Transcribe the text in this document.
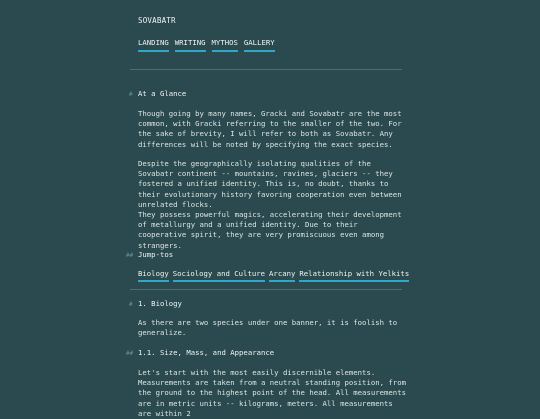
SOVABATR
LANDING WRITING MYTHOS GALLERY
# At a Glance

Though going by many names, Gracki and Sovabatr are the most common, with Gracki referring to the smaller of the two. For the sake of brevity, I will refer to both as Sovabatr. Any differences will be noted by specifying the exact species.

Despite the geographically isolating qualities of the Sovabatr continent -- mountains, ravines, glaciers -- they fostered a unified identity. This is, no doubt, thanks to their evolutionary history favoring cooperation even between unrelated flocks.

They possess powerful magics, accelerating their development of metallurgy and a unified identity. Due to their cooperative spirit, they are very promiscuous even among strangers.

## Jump-tos
Biology Sociology and Culture Arcany Relationship with Yelkits
# 1. Biology

As there are two species under one banner, it is foolish to generalize.

## 1.1. Size, Mass, and Appearance

Let's start with the most easily discernible elements. Measurements are taken from a neutral standing position, from the ground to the highest point of the head. All measurements are in metric units -- kilograms, meters. All measurements are within 2
